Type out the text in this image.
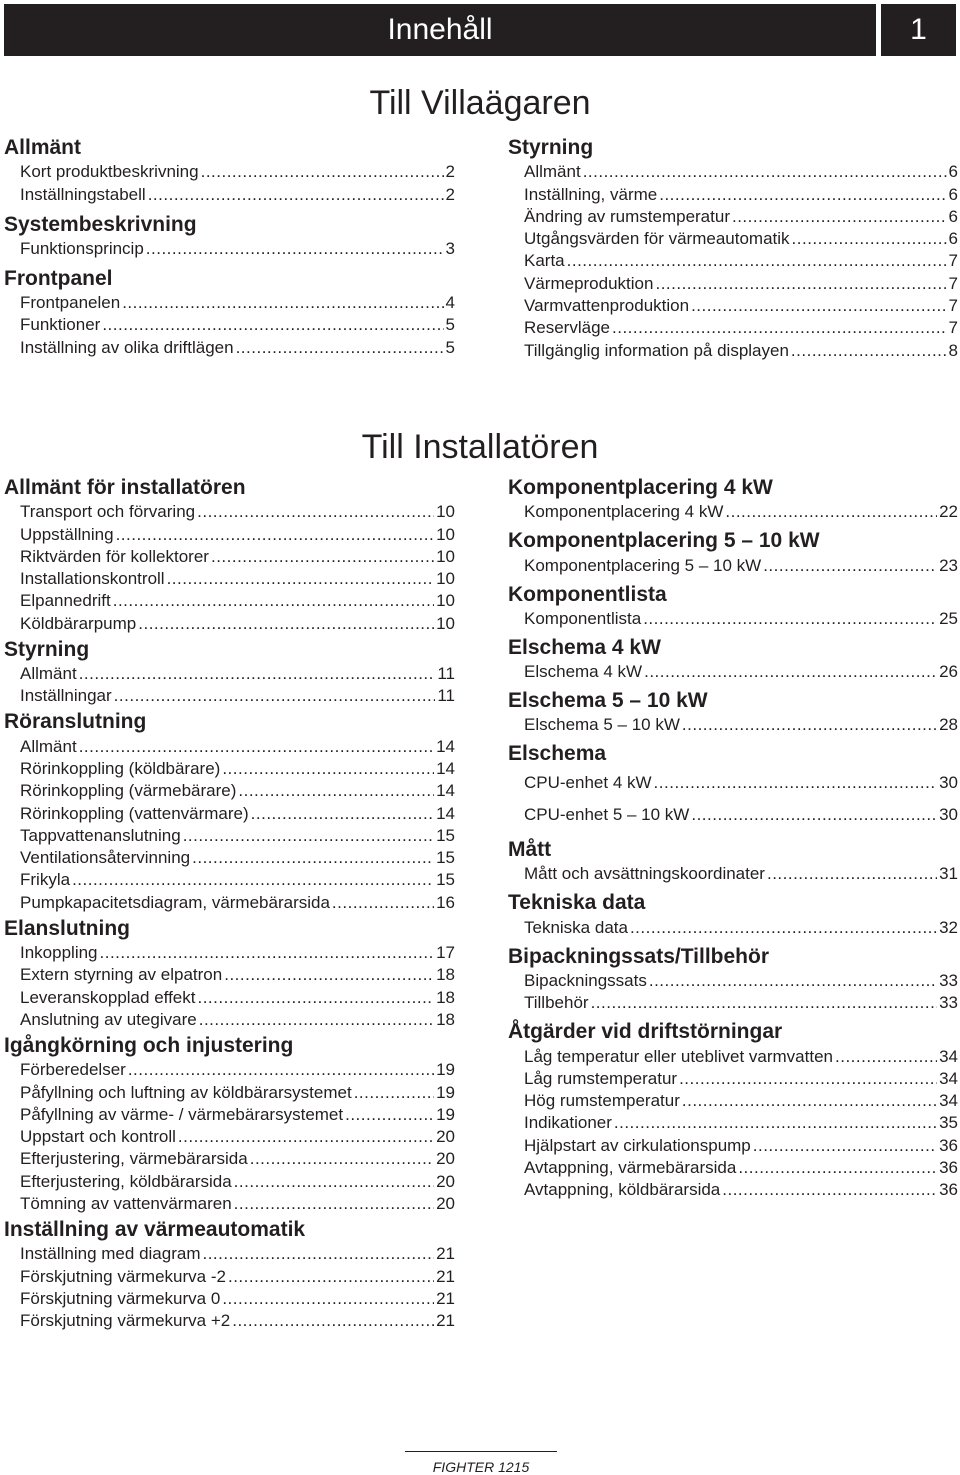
Innehåll	1
Till Villaägaren
Allmänt
Kort produktbeskrivning .....	2
Inställningstabell .....	2
Systembeskrivning
Funktionsprincip .....	3
Frontpanel
Frontpanelen .....	4
Funktioner .....	5
Inställning av olika driftlägen .....	5
Styrning
Allmänt .....	6
Inställning, värme .....	6
Ändring av rumstemperatur .....	6
Utgångsvärden för värmeautomatik .....	6
Karta .....	7
Värmeproduktion .....	7
Varmvattenproduktion .....	7
Reservläge .....	7
Tillgänglig information på displayen .....	8
Till Installatören
Allmänt för installatören
Transport och förvaring .....	10
Uppställning .....	10
Riktvärden för kollektorer .....	10
Installationskontroll .....	10
Elpannedrift .....	10
Köldbärarpump .....	10
Styrning
Allmänt .....	11
Inställningar .....	11
Röranslutning
Allmänt .....	14
Rörinkoppling (köldbärare) .....	14
Rörinkoppling (värmebärare) .....	14
Rörinkoppling (vattenvärmare) .....	14
Tappvattenanslutning .....	15
Ventilationsåtervinning .....	15
Frikyla .....	15
Pumpkapacitetsdiagram, värmebärarsida .....	16
Elanslutning
Inkoppling .....	17
Extern styrning av elpatron .....	18
Leveranskopplad effekt .....	18
Anslutning av utegivare .....	18
Igångkörning och injustering
Förberedelser .....	19
Påfyllning och luftning av köldbärarsystemet .....	19
Påfyllning av värme- / värmebärarsystemet .....	19
Uppstart och kontroll .....	20
Efterjustering, värmebärarsida .....	20
Efterjustering, köldbärarsida .....	20
Tömning av vattenvärmaren .....	20
Inställning av värmeautomatik
Inställning med diagram .....	21
Förskjutning värmekurva -2 .....	21
Förskjutning värmekurva 0 .....	21
Förskjutning värmekurva +2 .....	21
Komponentplacering 4 kW
Komponentplacering 4 kW .....	22
Komponentplacering 5 – 10 kW
Komponentplacering 5 – 10 kW .....	23
Komponentlista
Komponentlista .....	25
Elschema 4 kW
Elschema 4 kW .....	26
Elschema 5 – 10 kW
Elschema 5 – 10 kW .....	28
Elschema
CPU-enhet 4 kW .....	30
CPU-enhet 5 – 10 kW .....	30
Mått
Mått och avsättningskoordinater .....	31
Tekniska data
Tekniska data .....	32
Bipackningssats/Tillbehör
Bipackningssats .....	33
Tillbehör .....	33
Åtgärder vid driftstörningar
Låg temperatur eller uteblivet varmvatten .....	34
Låg rumstemperatur .....	34
Hög rumstemperatur .....	34
Indikationer .....	35
Hjälpstart av cirkulationspump .....	36
Avtappning, värmebärarsida .....	36
Avtappning, köldbärarsida .....	36
FIGHTER 1215
